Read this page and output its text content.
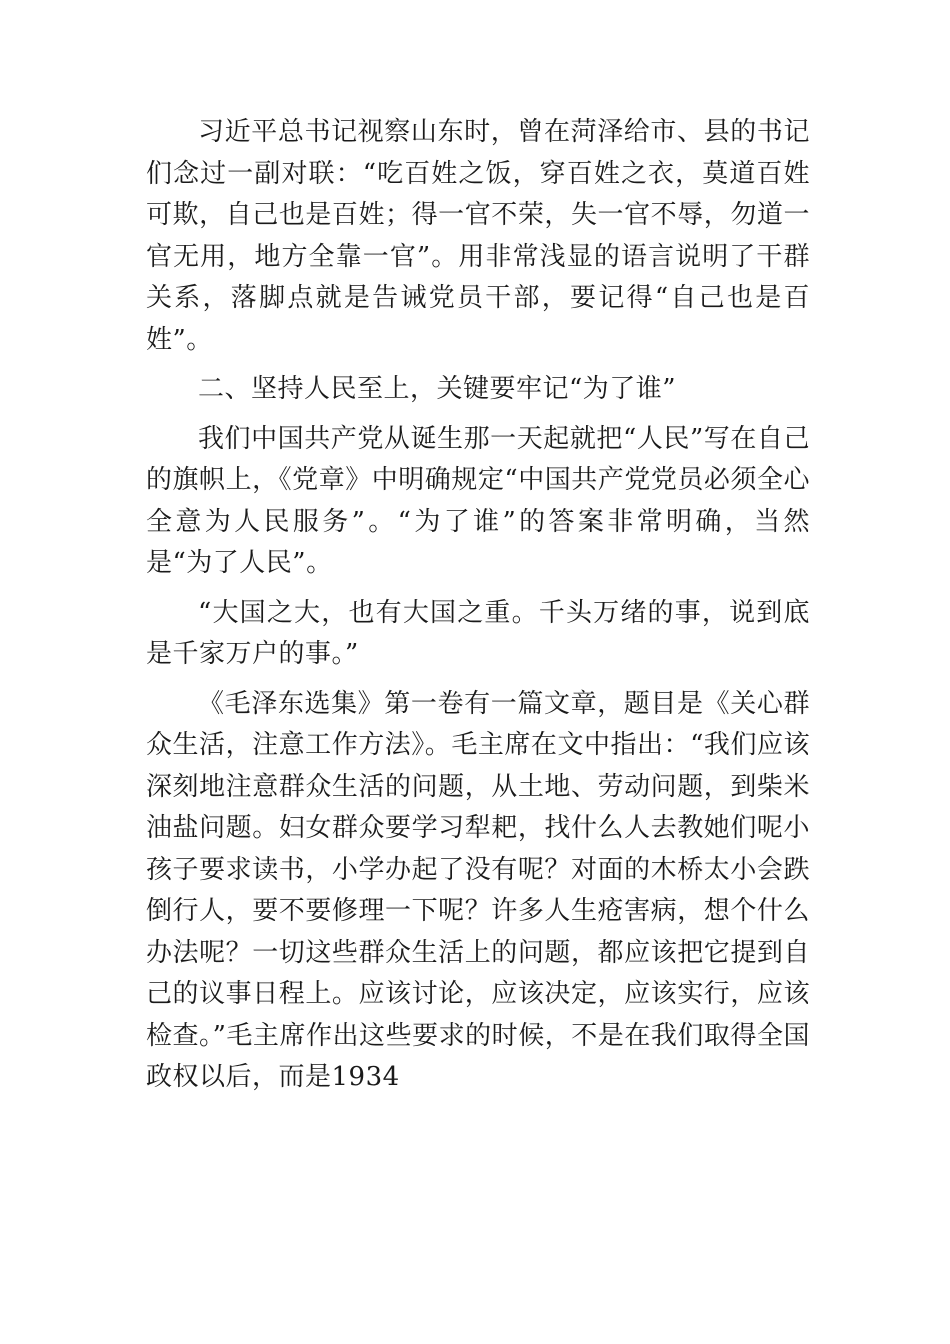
习近平总书记视察山东时，曾在菏泽给市、县的书记们念过一副对联：“吃百姓之饭，穿百姓之衣，莫道百姓可欺，自己也是百姓；得一官不荣，失一官不辱，勿道一官无用，地方全靠一官”。用非常浅显的语言说明了干群关系，落脚点就是告诫党员干部，要记得“自己也是百姓”。

二、坚持人民至上，关键要牢记“为了谁”

我们中国共产党从诞生那一天起就把“人民”写在自己的旗帜上，《党章》中明确规定“中国共产党党员必须全心全意为人民服务”。“为了谁”的答案非常明确，当然是“为了人民”。

“大国之大，也有大国之重。千头万绪的事，说到底是千家万户的事。”

《毛泽东选集》第一卷有一篇文章，题目是《关心群众生活，注意工作方法》。毛主席在文中指出：“我们应该深刻地注意群众生活的问题，从土地、劳动问题，到柴米油盐问题。妇女群众要学习犁耙，找什么人去教她们呢小孩子要求读书，小学办起了没有呢？对面的木桥太小会跌倒行人，要不要修理一下呢？许多人生疮害病，想个什么办法呢？一切这些群众生活上的问题，都应该把它提到自己的议事日程上。应该讨论，应该决定，应该实行，应该检查。”毛主席作出这些要求的时候，不是在我们取得全国政权以后，而是1934
